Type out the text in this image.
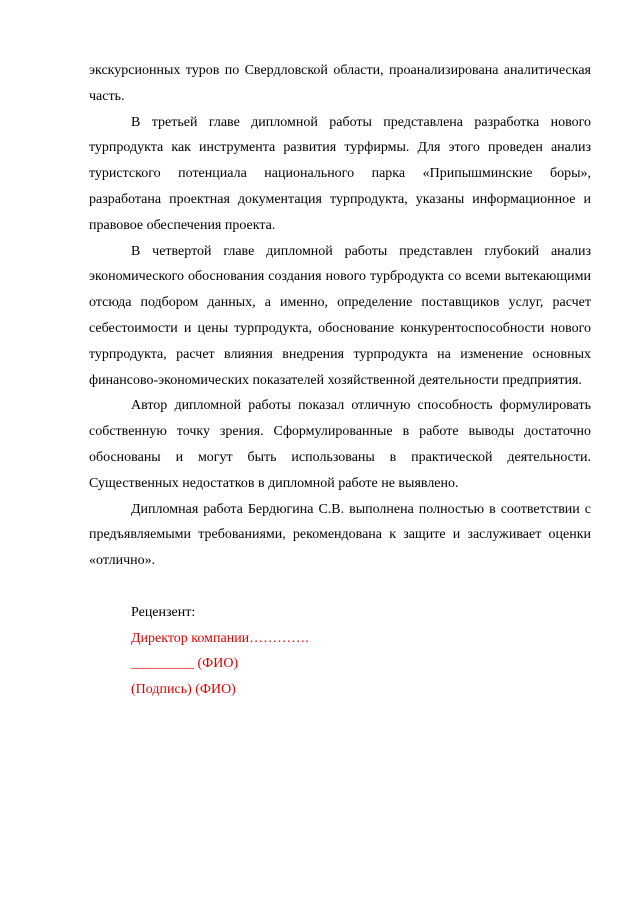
экскурсионных туров по Свердловской области, проанализирована аналитическая часть.

В третьей главе дипломной работы представлена разработка нового турпродукта как инструмента развития турфирмы. Для этого проведен анализ туристского потенциала национального парка «Припышминские боры», разработана проектная документация турпродукта, указаны информационное и правовое обеспечения проекта.

В четвертой главе дипломной работы представлен глубокий анализ экономического обоснования создания нового турбродукта со всеми вытекающими отсюда подбором данных, а именно, определение поставщиков услуг, расчет себестоимости и цены турпродукта, обоснование конкурентоспособности нового турпродукта, расчет влияния внедрения турпродукта на изменение основных финансово-экономических показателей хозяйственной деятельности предприятия.

Автор дипломной работы показал отличную способность формулировать собственную точку зрения. Сформулированные в работе выводы достаточно обоснованы и могут быть использованы в практической деятельности. Существенных недостатков в дипломной работе не выявлено.

Дипломная работа Бердюгина С.В. выполнена полностью в соответствии с предъявляемыми требованиями, рекомендована к защите и заслуживает оценки «отлично».

Рецензент:
Директор компании………….
_________ (ФИО)
(Подпись) (ФИО)
